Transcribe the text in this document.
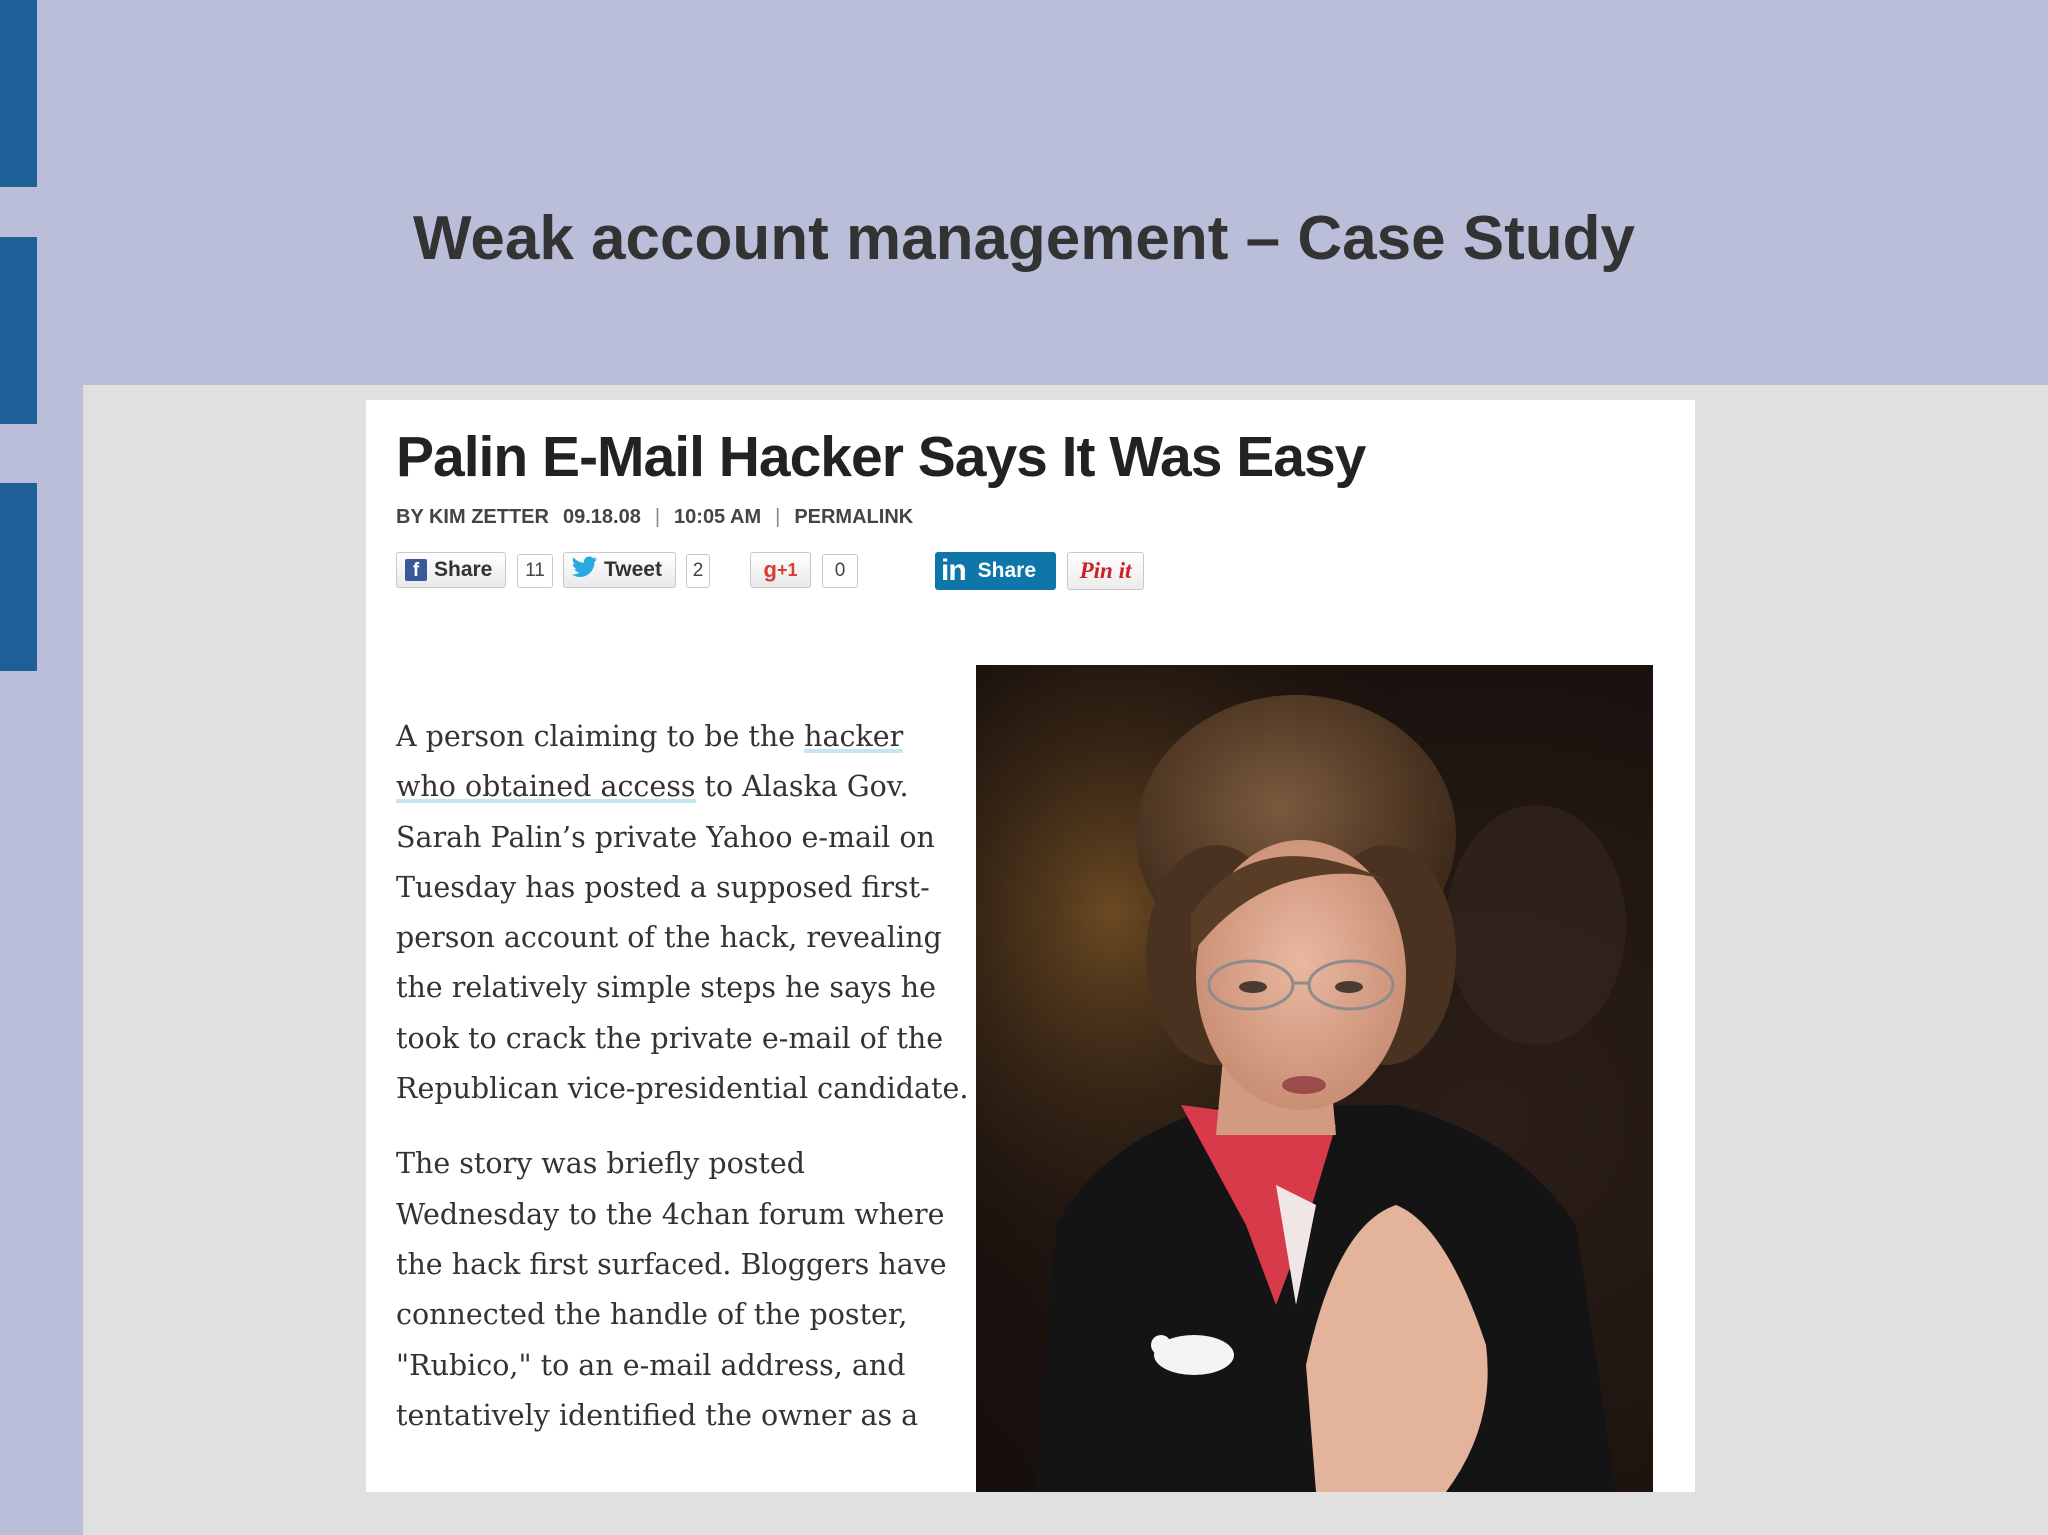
Weak account management – Case Study
Palin E-Mail Hacker Says It Was Easy
BY KIM ZETTER 09.18.08 | 10:05 AM | PERMALINK
f Share	11	Tweet	2	g +1	0	in Share	Pin it

A person claiming to be the hacker who obtained access to Alaska Gov. Sarah Palin’s private Yahoo e-mail on Tuesday has posted a supposed first-person account of the hack, revealing the relatively simple steps he says he took to crack the private e-mail of the Republican vice-presidential candidate.

The story was briefly posted Wednesday to the 4chan forum where the hack first surfaced. Bloggers have connected the handle of the poster, "Rubico," to an e-mail address, and tentatively identified the owner as a
